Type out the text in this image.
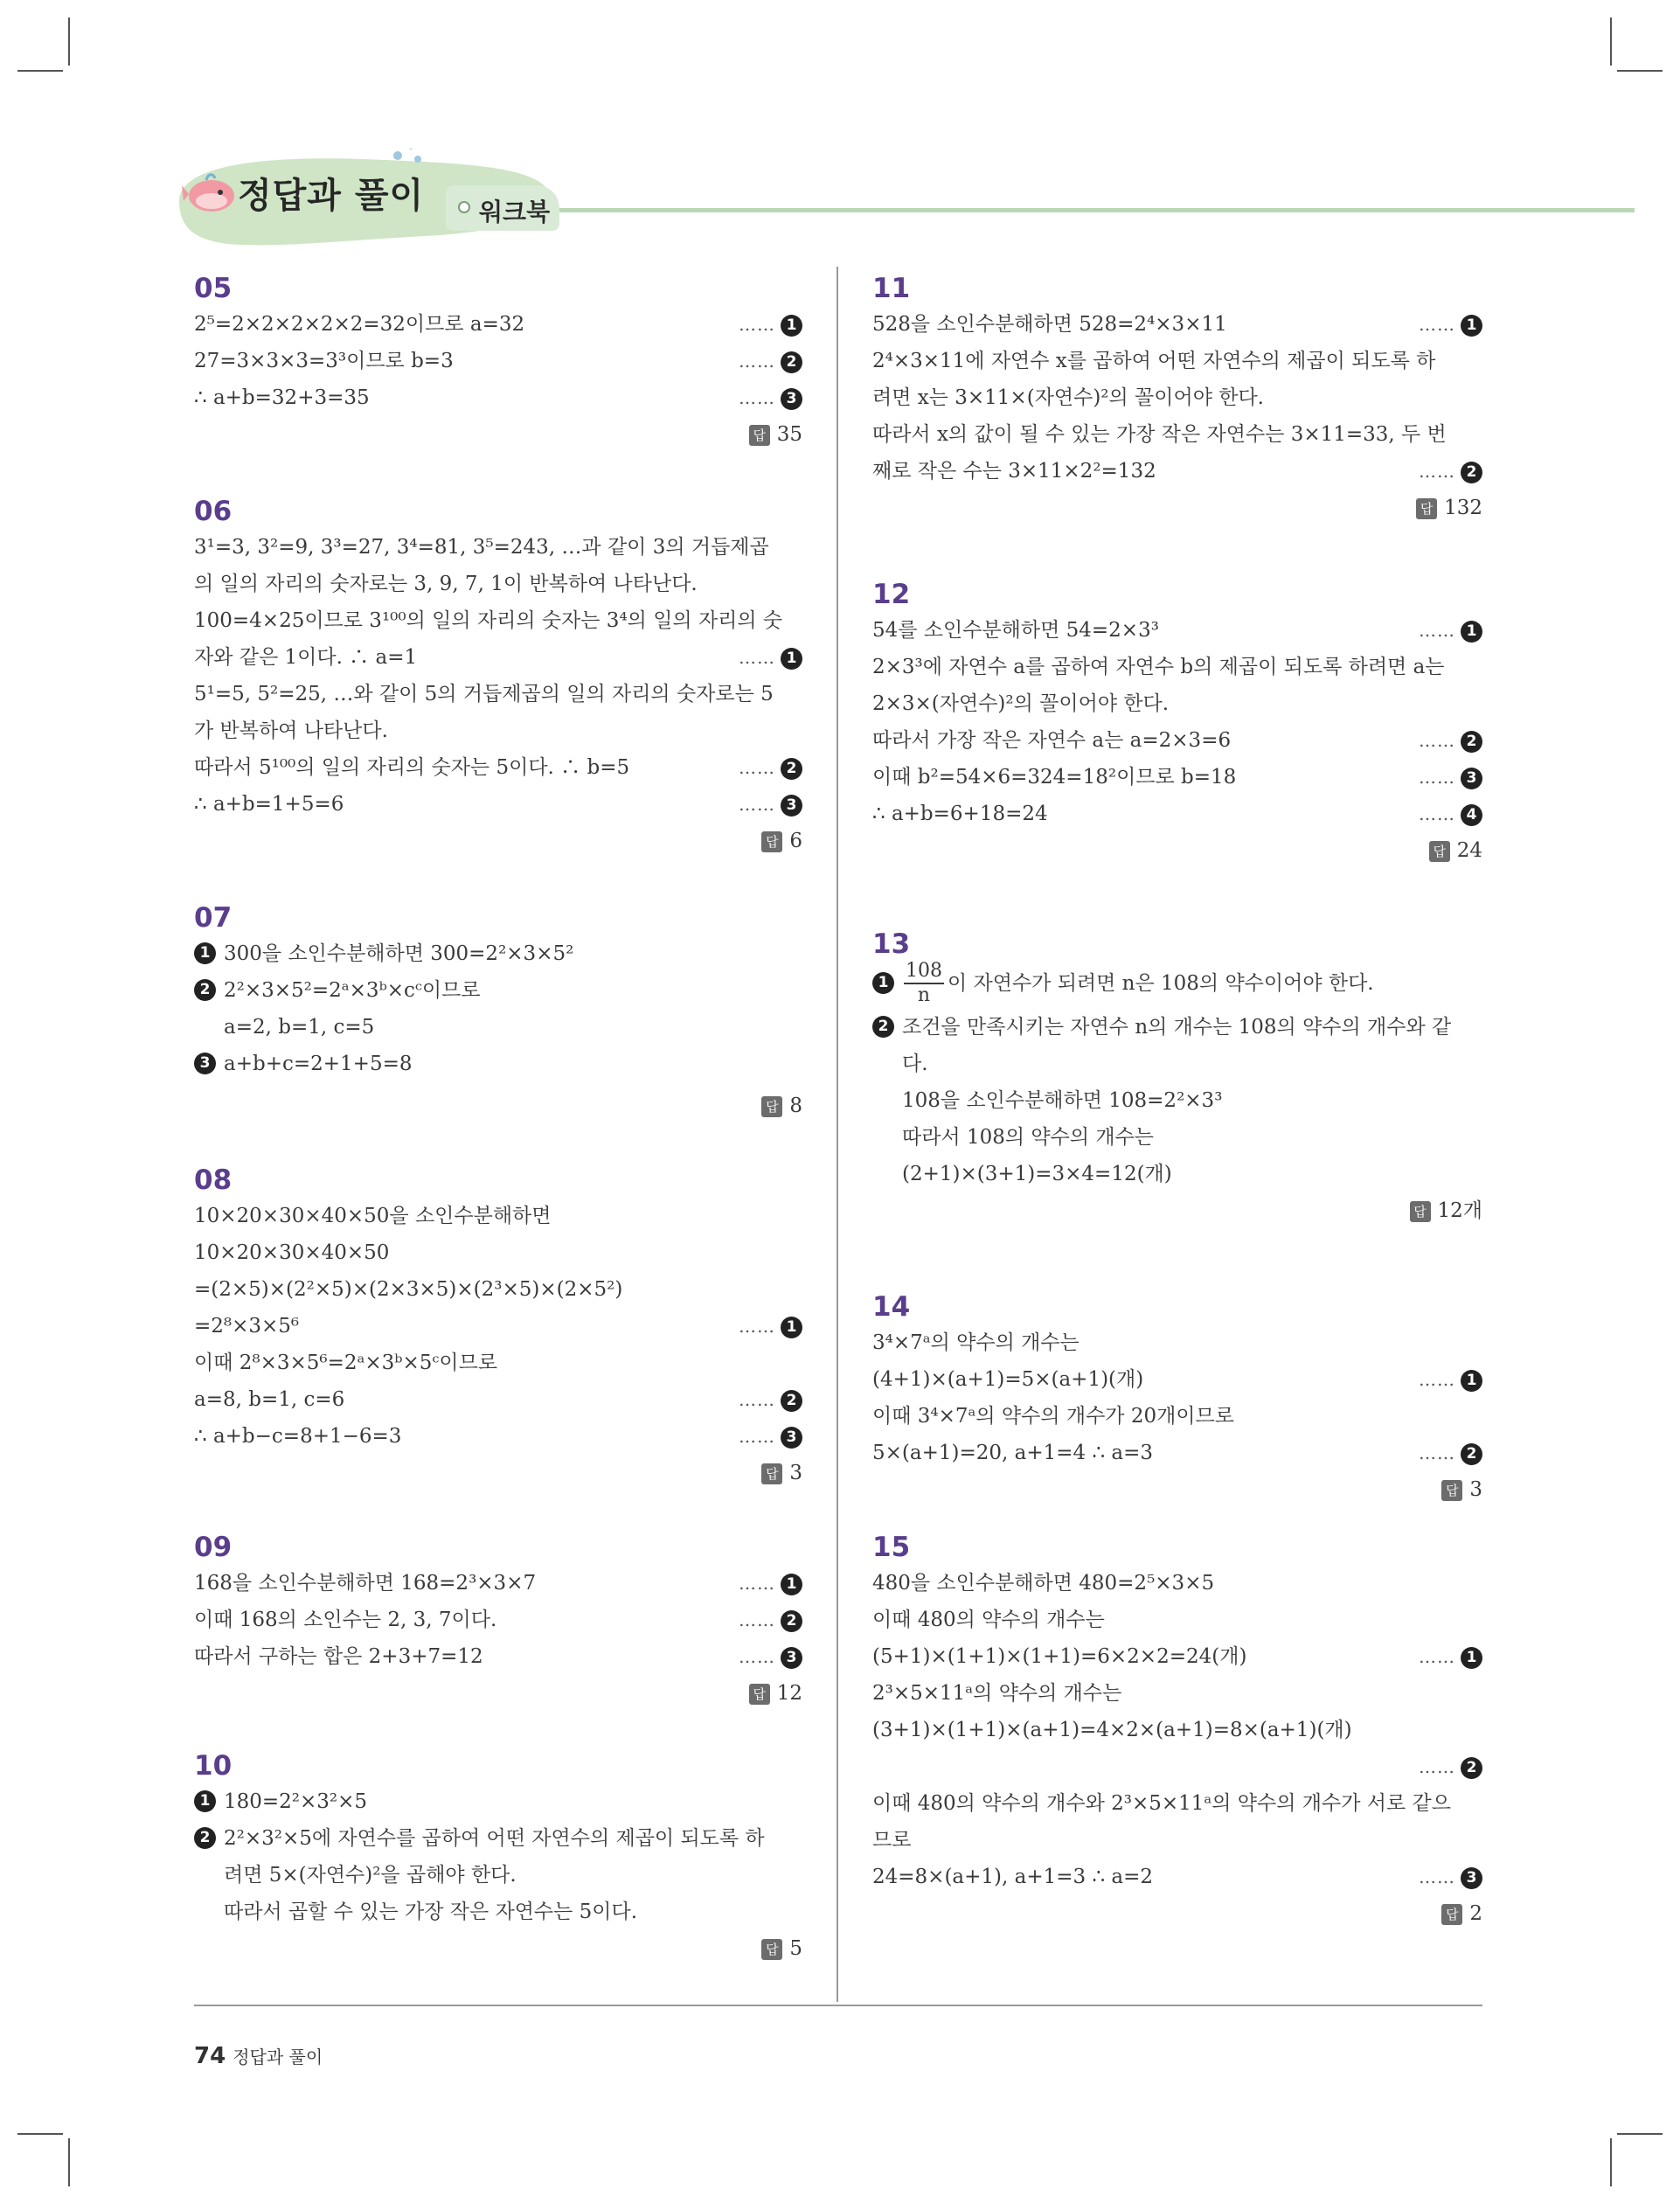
정답과 풀이 워크북
05
2⁵=2×2×2×2×2=32이므로 a=32	…… 1
27=3×3×3=3³이므로 b=3	…… 2
∴ a+b=32+3=35	…… 3
답 35
06
3¹=3, 3²=9, 3³=27, 3⁴=81, 3⁵=243, …과 같이 3의 거듭제곱
의 일의 자리의 숫자로는 3, 9, 7, 1이 반복하여 나타난다.
100=4×25이므로 3¹⁰⁰의 일의 자리의 숫자는 3⁴의 일의 자리의 숫
자와 같은 1이다. ∴ a=1	…… 1
5¹=5, 5²=25, …와 같이 5의 거듭제곱의 일의 자리의 숫자로는 5
가 반복하여 나타난다.
따라서 5¹⁰⁰의 일의 자리의 숫자는 5이다. ∴ b=5	…… 2
∴ a+b=1+5=6	…… 3
답 6
07
1 300을 소인수분해하면 300=2²×3×5²
2 2²×3×5²=2ᵃ×3ᵇ×cᶜ이므로
a=2, b=1, c=5
3 a+b+c=2+1+5=8
답 8
08
10×20×30×40×50을 소인수분해하면
10×20×30×40×50
=(2×5)×(2²×5)×(2×3×5)×(2³×5)×(2×5²)
=2⁸×3×5⁶	…… 1
이때 2⁸×3×5⁶=2ᵃ×3ᵇ×5ᶜ이므로
a=8, b=1, c=6	…… 2
∴ a+b−c=8+1−6=3	…… 3
답 3
09
168을 소인수분해하면 168=2³×3×7	…… 1
이때 168의 소인수는 2, 3, 7이다.	…… 2
따라서 구하는 합은 2+3+7=12	…… 3
답 12
10
1 180=2²×3²×5
2 2²×3²×5에 자연수를 곱하여 어떤 자연수의 제곱이 되도록 하
려면 5×(자연수)²을 곱해야 한다.
따라서 곱할 수 있는 가장 작은 자연수는 5이다.
답 5
11
528을 소인수분해하면 528=2⁴×3×11	…… 1
2⁴×3×11에 자연수 x를 곱하여 어떤 자연수의 제곱이 되도록 하
려면 x는 3×11×(자연수)²의 꼴이어야 한다.
따라서 x의 값이 될 수 있는 가장 작은 자연수는 3×11=33, 두 번
째로 작은 수는 3×11×2²=132	…… 2
답 132
12
54를 소인수분해하면 54=2×3³	…… 1
2×3³에 자연수 a를 곱하여 자연수 b의 제곱이 되도록 하려면 a는
2×3×(자연수)²의 꼴이어야 한다.
따라서 가장 작은 자연수 a는 a=2×3=6	…… 2
이때 b²=54×6=324=18²이므로 b=18	…… 3
∴ a+b=6+18=24	…… 4
답 24
13
$1 \frac{108}{n}$ 이 자연수가 되려면 n은 108의 약수이어야 한다.
2 조건을 만족시키는 자연수 n의 개수는 108의 약수의 개수와 같
다.
108을 소인수분해하면 108=2²×3³
따라서 108의 약수의 개수는
(2+1)×(3+1)=3×4=12(개)
답 12개
14
3⁴×7ᵃ의 약수의 개수는
(4+1)×(a+1)=5×(a+1)(개)	…… 1
이때 3⁴×7ᵃ의 약수의 개수가 20개이므로
5×(a+1)=20, a+1=4 ∴ a=3	…… 2
답 3
15
480을 소인수분해하면 480=2⁵×3×5
이때 480의 약수의 개수는
(5+1)×(1+1)×(1+1)=6×2×2=24(개)	…… 1
2³×5×11ᵃ의 약수의 개수는
(3+1)×(1+1)×(a+1)=4×2×(a+1)=8×(a+1)(개)
…… 2
이때 480의 약수의 개수와 2³×5×11ᵃ의 약수의 개수가 서로 같으
므로
24=8×(a+1), a+1=3 ∴ a=2	…… 3
답 2
74 정답과 풀이
